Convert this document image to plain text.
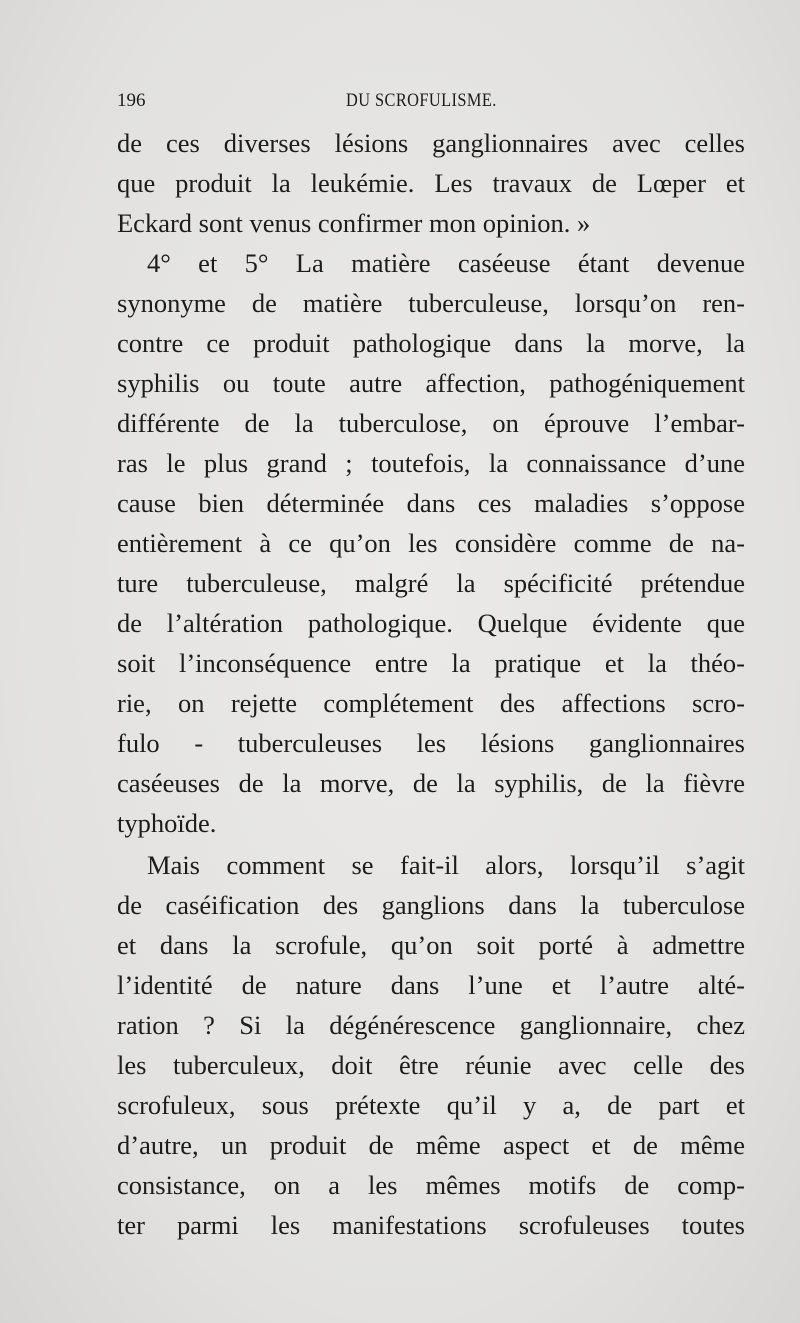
196	DU SCROFULISME.
de ces diverses lésions ganglionnaires avec celles
que produit la leukémie. Les travaux de Lœper et
Eckard sont venus confirmer mon opinion. »
4° et 5° La matière caséeuse étant devenue
synonyme de matière tuberculeuse, lorsqu’on ren-
contre ce produit pathologique dans la morve, la
syphilis ou toute autre affection, pathogéniquement
différente de la tuberculose, on éprouve l’embar-
ras le plus grand ; toutefois, la connaissance d’une
cause bien déterminée dans ces maladies s’oppose
entièrement à ce qu’on les considère comme de na-
ture tuberculeuse, malgré la spécificité prétendue
de l’altération pathologique. Quelque évidente que
soit l’inconséquence entre la pratique et la théo-
rie, on rejette complétement des affections scro-
fulo - tuberculeuses les lésions ganglionnaires
caséeuses de la morve, de la syphilis, de la fièvre
typhoïde.
Mais comment se fait-il alors, lorsqu’il s’agit
de caséification des ganglions dans la tuberculose
et dans la scrofule, qu’on soit porté à admettre
l’identité de nature dans l’une et l’autre alté-
ration ? Si la dégénérescence ganglionnaire, chez
les tuberculeux, doit être réunie avec celle des
scrofuleux, sous prétexte qu’il y a, de part et
d’autre, un produit de même aspect et de même
consistance, on a les mêmes motifs de comp-
ter parmi les manifestations scrofuleuses toutes
